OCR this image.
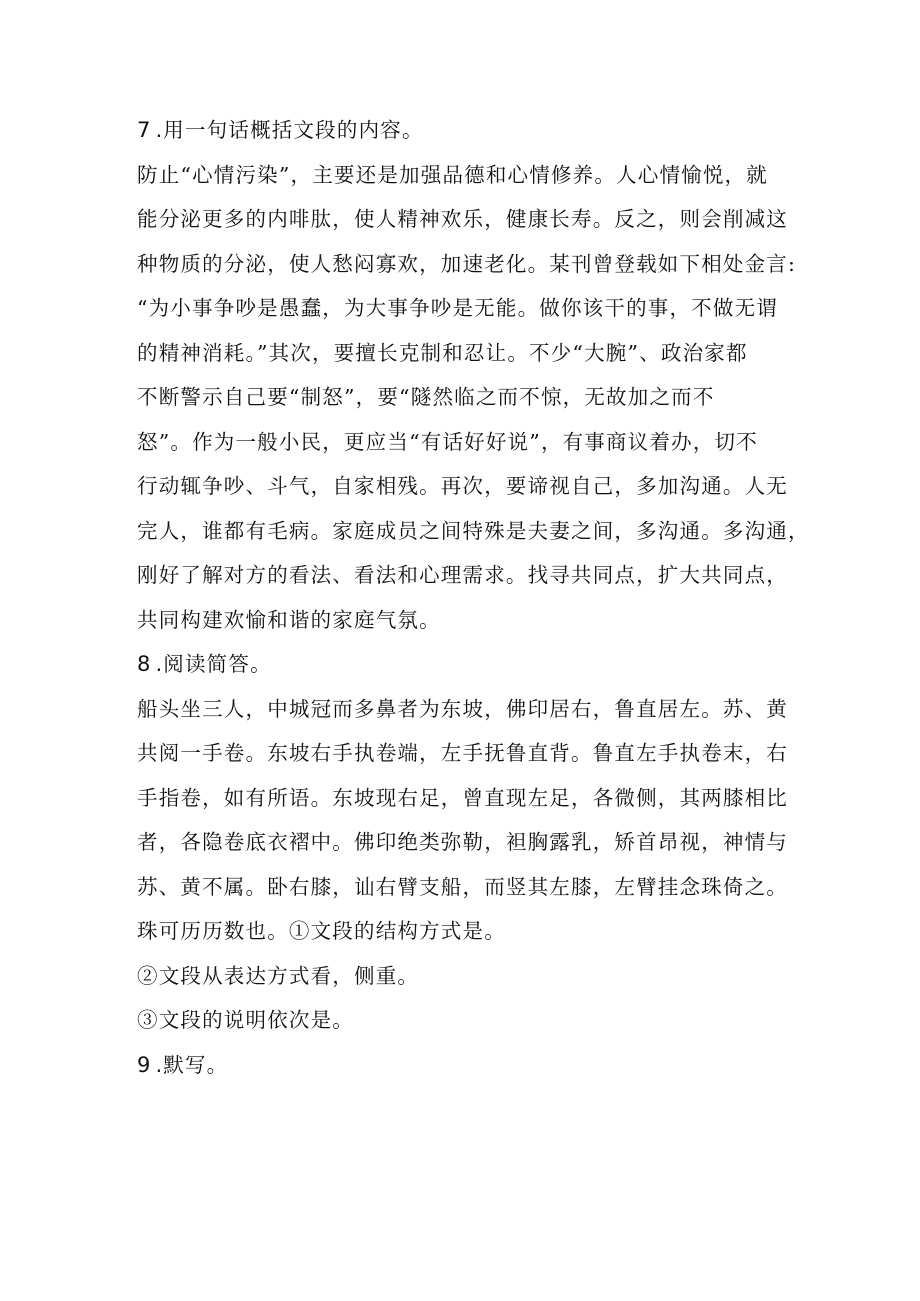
7 .用一句话概括文段的内容。
防止“心情污染”，主要还是加强品德和心情修养。人心情愉悦，就
能分泌更多的内啡肽，使人精神欢乐，健康长寿。反之，则会削减这
种物质的分泌，使人愁闷寡欢，加速老化。某刊曾登载如下相处金言:
“为小事争吵是愚蠢，为大事争吵是无能。做你该干的事，不做无谓
的精神消耗。”其次，要擅长克制和忍让。不少“大腕”、政治家都
不断警示自己要“制怒”，要“隧然临之而不惊，无故加之而不
怒”。作为一般小民，更应当“有话好好说”，有事商议着办，切不
行动辄争吵、斗气，自家相残。再次，要谛视自己，多加沟通。人无
完人，谁都有毛病。家庭成员之间特殊是夫妻之间，多沟通。多沟通，
刚好了解对方的看法、看法和心理需求。找寻共同点，扩大共同点，
共同构建欢愉和谐的家庭气氛。
8 .阅读简答。
船头坐三人，中城冠而多鼻者为东坡，佛印居右，鲁直居左。苏、黄
共阅一手卷。东坡右手执卷端，左手抚鲁直背。鲁直左手执卷末，右
手指卷，如有所语。东坡现右足，曾直现左足，各微侧，其两膝相比
者，各隐卷底衣褶中。佛印绝类弥勒，袒胸露乳，矫首昂视，神情与
苏、黄不属。卧右膝，讪右臂支船，而竖其左膝，左臂挂念珠倚之。
珠可历历数也。①文段的结构方式是。
②文段从表达方式看，侧重。
③文段的说明依次是。
9 .默写。
